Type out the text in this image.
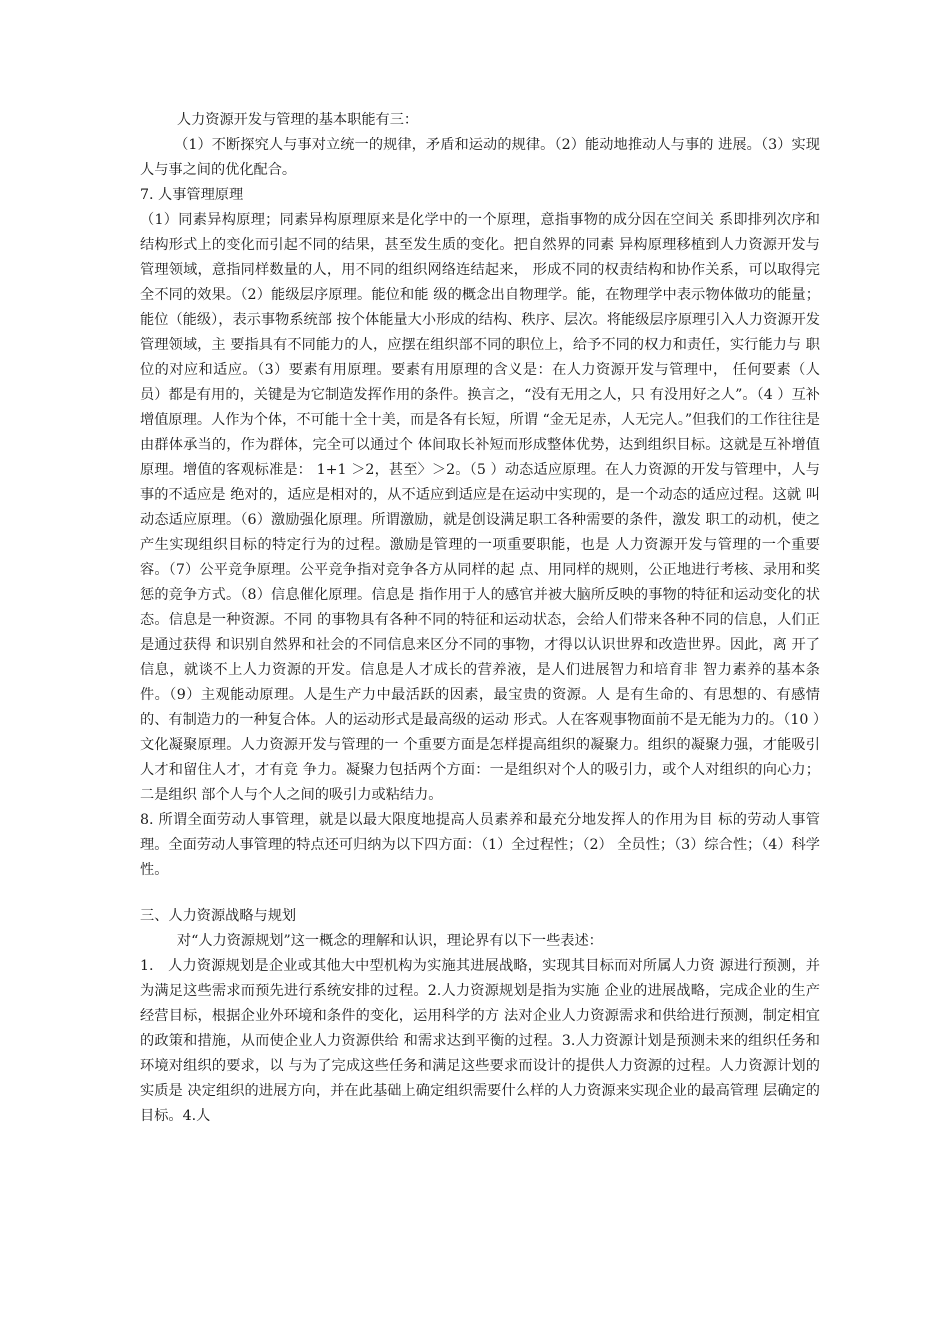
人力资源开发与管理的基本职能有三：

（1）不断探究人与事对立统一的规律，矛盾和运动的规律。（2）能动地推动人与事的 进展。（3）实现人与事之间的优化配合。

7. 人事管理原理

（1）同素异构原理；同素异构原理原来是化学中的一个原理，意指事物的成分因在空间关 系即排列次序和结构形式上的变化而引起不同的结果，甚至发生质的变化。把自然界的同素 异构原理移植到人力资源开发与管理领域，意指同样数量的人，用不同的组织网络连结起来， 形成不同的权责结构和协作关系，可以取得完全不同的效果。（2）能级层序原理。能位和能 级的概念出自物理学。能，在物理学中表示物体做功的能量；能位（能级），表示事物系统部 按个体能量大小形成的结构、秩序、层次。将能级层序原理引入人力资源开发管理领域，主 要指具有不同能力的人，应摆在组织部不同的职位上，给予不同的权力和责任，实行能力与 职位的对应和适应。（3）要素有用原理。要素有用原理的含义是：在人力资源开发与管理中， 任何要素（人员）都是有用的，关键是为它制造发挥作用的条件。换言之，“没有无用之人，只 有没用好之人”。（4 ）互补增值原理。人作为个体，不可能十全十美，而是各有长短，所谓 “金无足赤，人无完人。”但我们的工作往往是由群体承当的，作为群体，完全可以通过个 体间取长补短而形成整体优势，达到组织目标。这就是互补增值原理。增值的客观标准是： 1+1 ＞2，甚至〉＞2。（5 ）动态适应原理。在人力资源的开发与管理中，人与事的不适应是 绝对的，适应是相对的，从不适应到适应是在运动中实现的，是一个动态的适应过程。这就 叫动态适应原理。（6）激励强化原理。所谓激励，就是创设满足职工各种需要的条件，激发 职工的动机，使之产生实现组织目标的特定行为的过程。激励是管理的一项重要职能，也是 人力资源开发与管理的一个重要容。（7）公平竞争原理。公平竞争指对竞争各方从同样的起 点、用同样的规则，公正地进行考核、录用和奖惩的竞争方式。（8）信息催化原理。信息是 指作用于人的感官并被大脑所反映的事物的特征和运动变化的状态。信息是一种资源。不同 的事物具有各种不同的特征和运动状态，会给人们带来各种不同的信息，人们正是通过获得 和识别自然界和社会的不同信息来区分不同的事物，才得以认识世界和改造世界。因此，离 开了信息，就谈不上人力资源的开发。信息是人才成长的营养液，是人们进展智力和培育非 智力素养的基本条件。（9）主观能动原理。人是生产力中最活跃的因素，最宝贵的资源。人 是有生命的、有思想的、有感情的、有制造力的一种复合体。人的运动形式是最高级的运动 形式。人在客观事物面前不是无能为力的。（10 ）文化凝聚原理。人力资源开发与管理的一 个重要方面是怎样提高组织的凝聚力。组织的凝聚力强，才能吸引人才和留住人才，才有竞 争力。凝聚力包括两个方面：一是组织对个人的吸引力，或个人对组织的向心力；二是组织 部个人与个人之间的吸引力或粘结力。

8. 所谓全面劳动人事管理，就是以最大限度地提高人员素养和最充分地发挥人的作用为目 标的劳动人事管理。全面劳动人事管理的特点还可归纳为以下四方面：（1）全过程性；（2） 全员性；（3）综合性；（4）科学性。

三、人力资源战略与规划

对“人力资源规划”这一概念的理解和认识，理论界有以下一些表述：

1.　人力资源规划是企业或其他大中型机构为实施其进展战略，实现其目标而对所属人力资 源进行预测，并为满足这些需求而预先进行系统安排的过程。2.人力资源规划是指为实施 企业的进展战略，完成企业的生产经营目标，根据企业外环境和条件的变化，运用科学的方 法对企业人力资源需求和供给进行预测，制定相宜的政策和措施，从而使企业人力资源供给 和需求达到平衡的过程。3.人力资源计划是预测未来的组织任务和环境对组织的要求，以 与为了完成这些任务和满足这些要求而设计的提供人力资源的过程。人力资源计划的实质是 决定组织的进展方向，并在此基础上确定组织需要什么样的人力资源来实现企业的最高管理 层确定的目标。4.人
